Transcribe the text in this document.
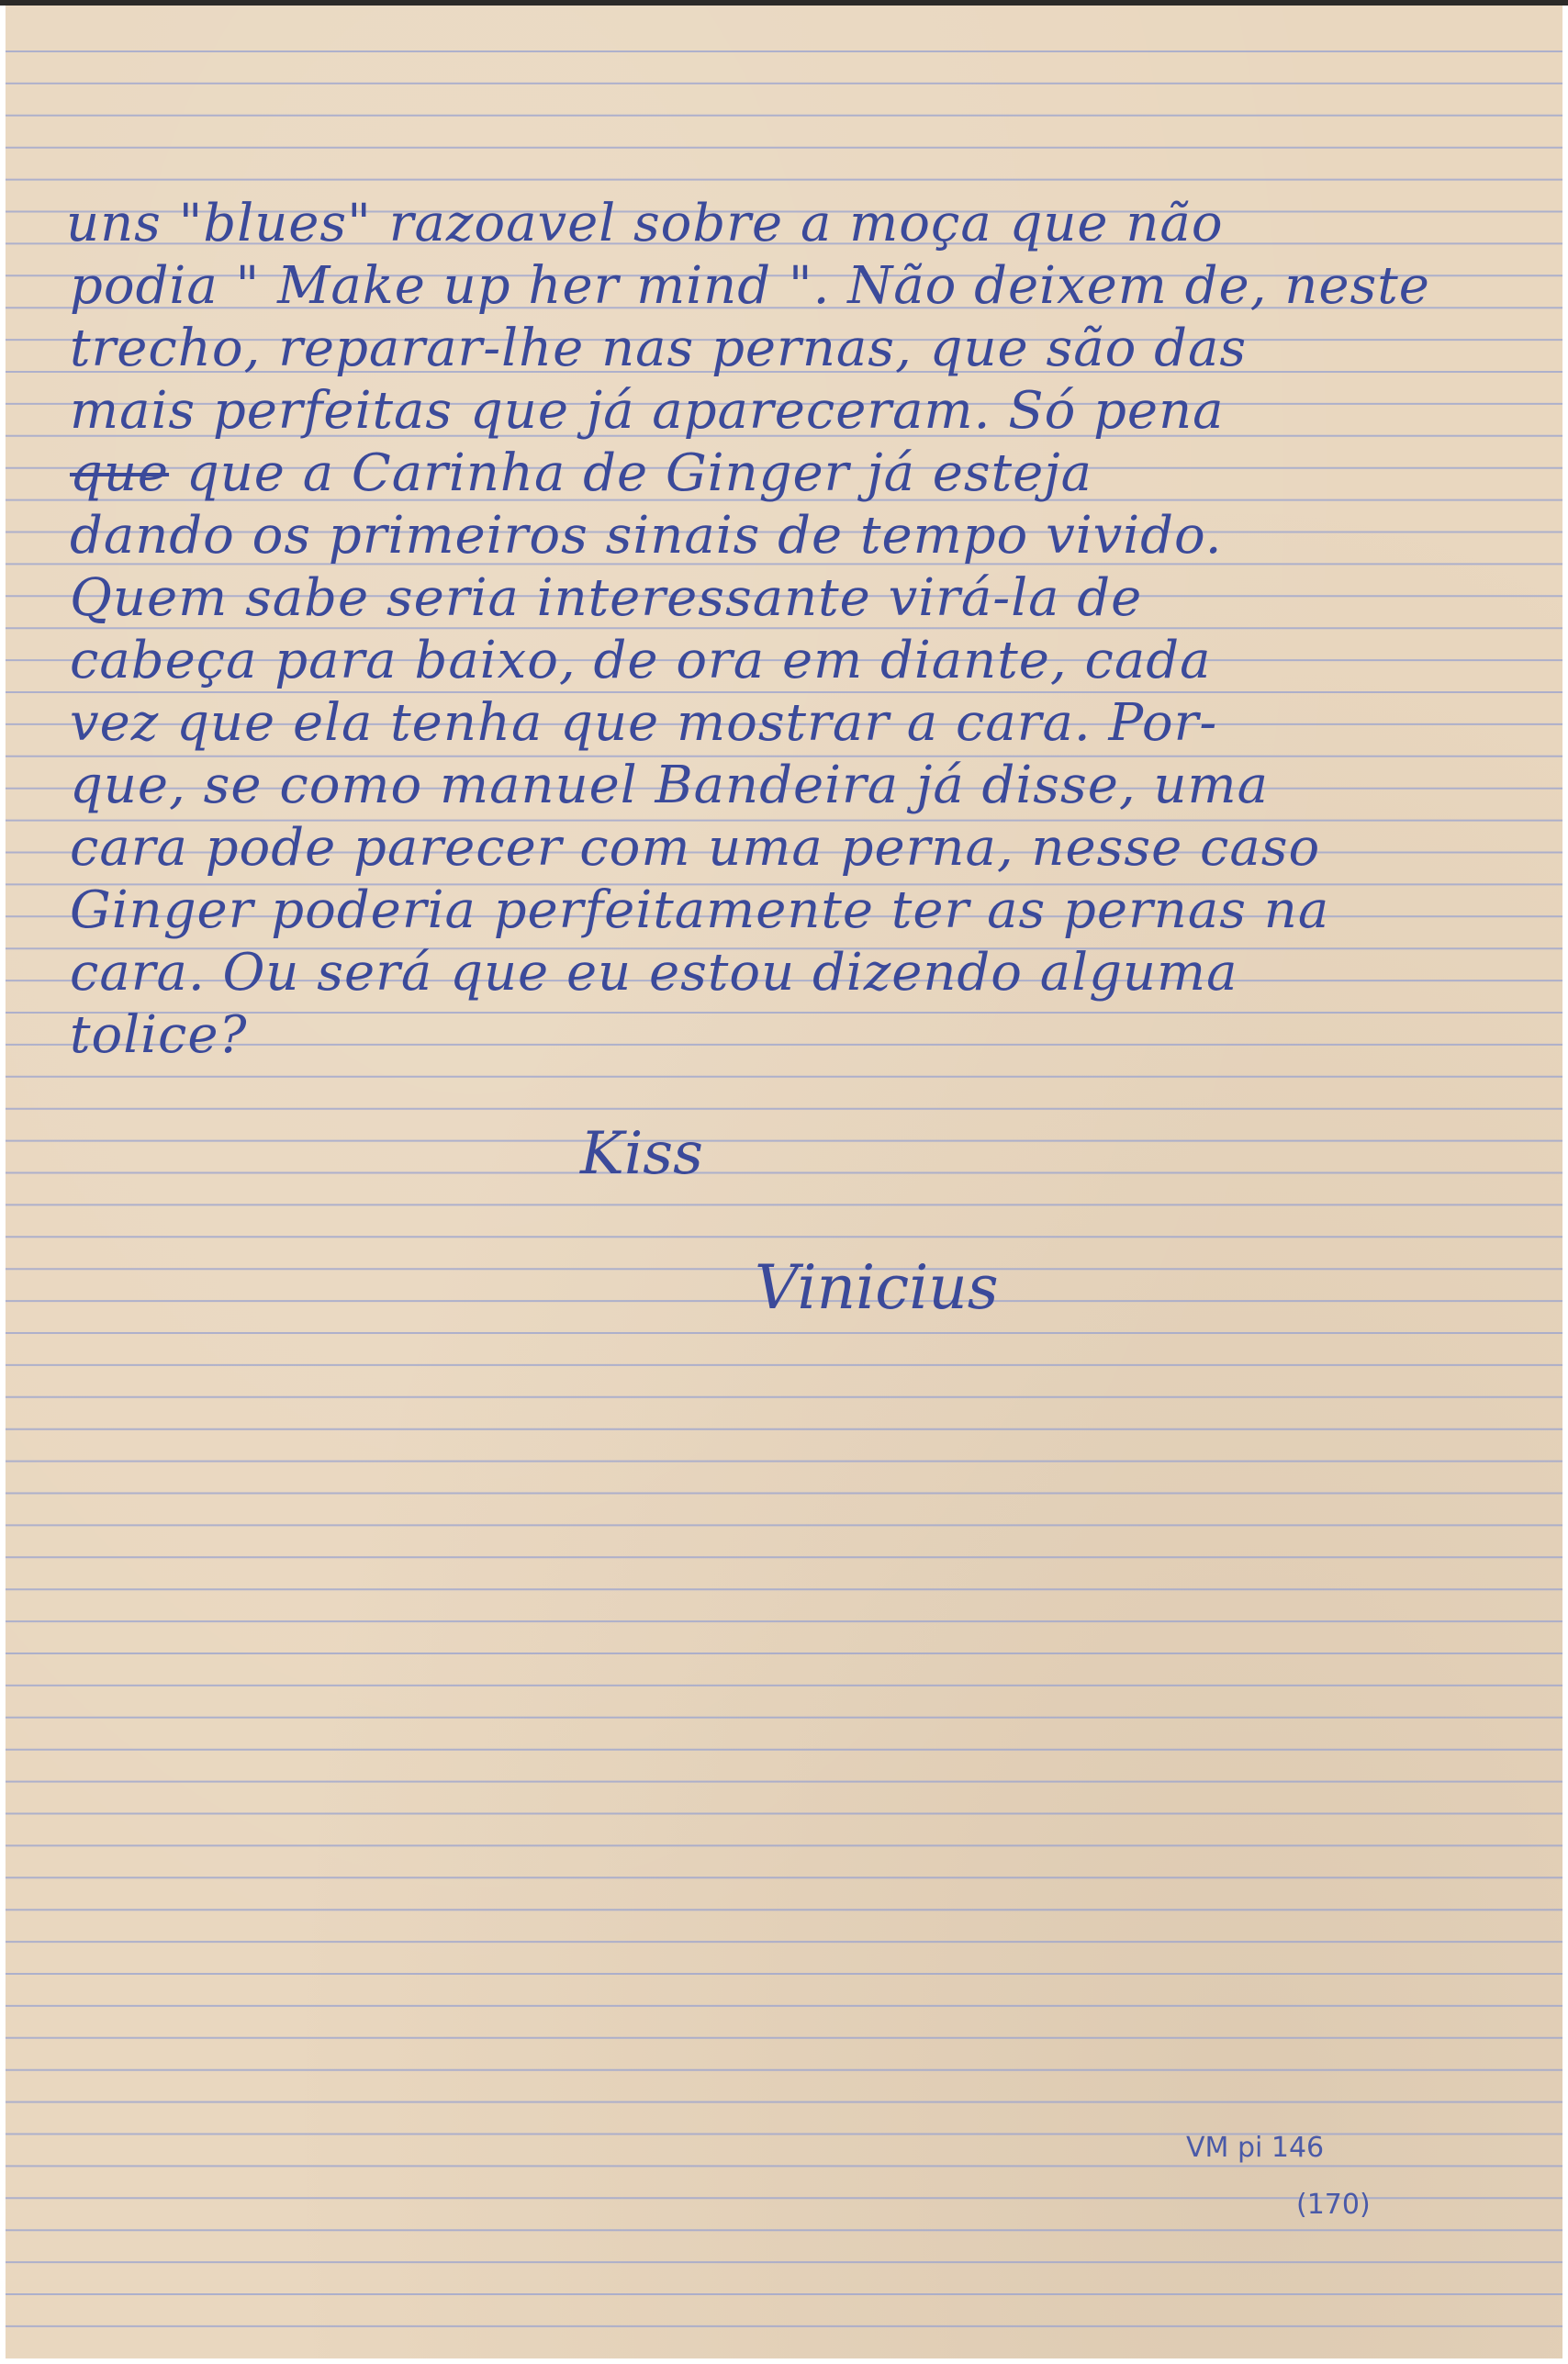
uns "blues" razoavel sobre a moça que não
podia " Make up her mind ". Não deixem de, neste
trecho, reparar-lhe nas pernas, que são das
mais perfeitas que já apareceram. Só pena
que que a Carinha de Ginger já esteja
dando os primeiros sinais de tempo vivido.
Quem sabe seria interessante virá-la de
cabeça para baixo, de ora em diante, cada
vez que ela tenha que mostrar a cara. Por-
que, se como manuel Bandeira já disse, uma
cara pode parecer com uma perna, nesse caso
Ginger poderia perfeitamente ter as pernas na
cara. Ou será que eu estou dizendo alguma
tolice?
Kiss
Vinicius
VM pi 146
(170)
